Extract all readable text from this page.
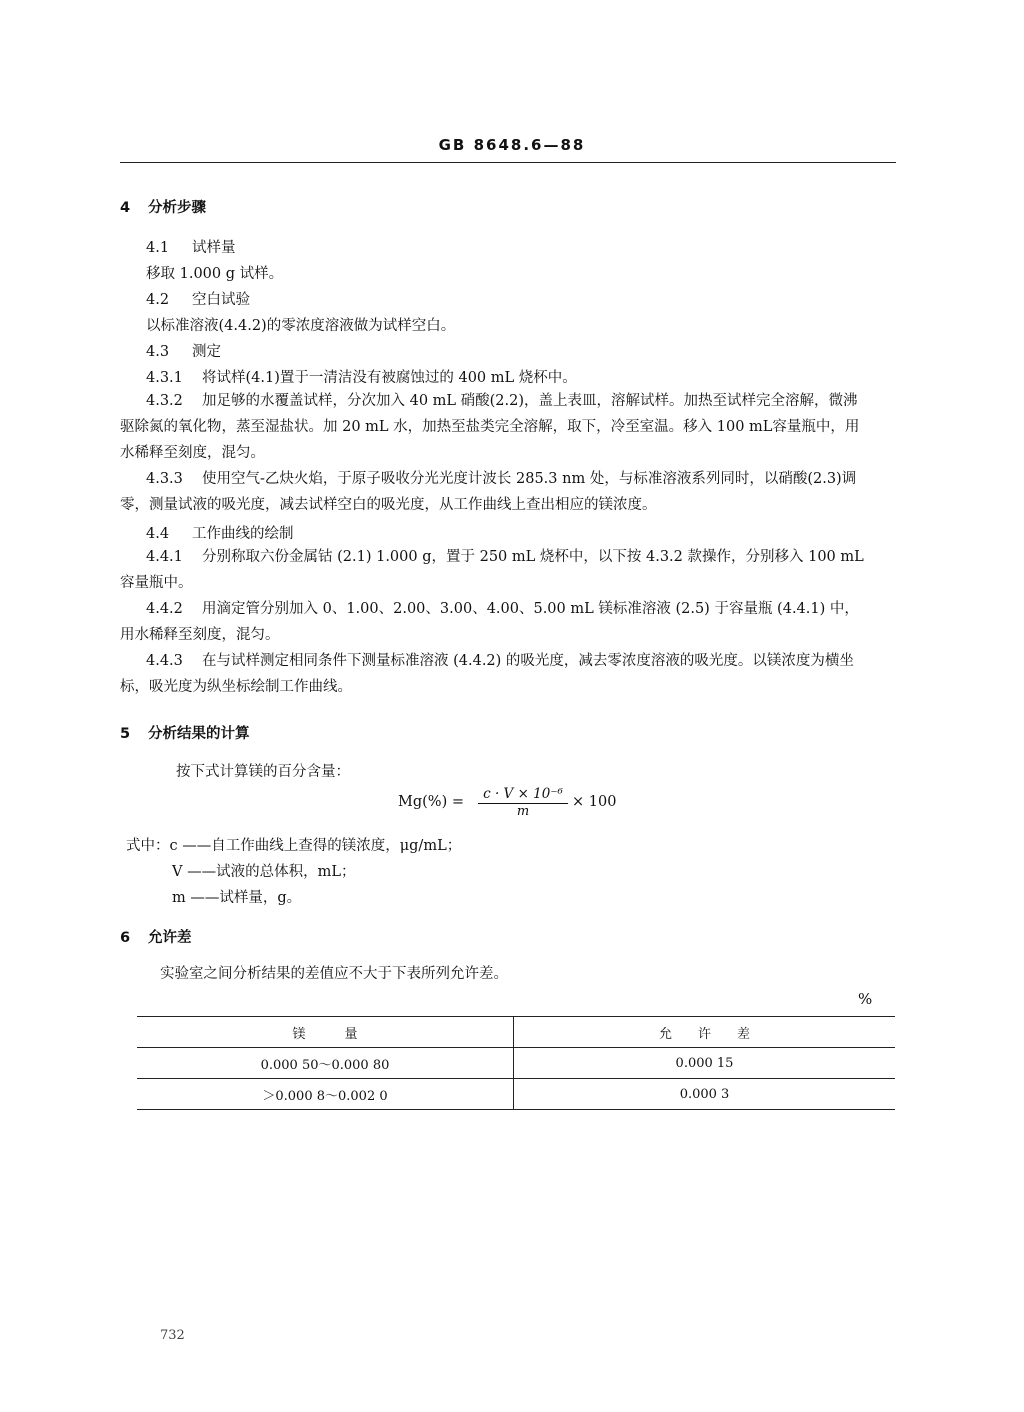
GB 8648.6—88
4 分析步骤
4.1 试样量
移取 1.000 g 试样。
4.2 空白试验
以标准溶液(4.4.2)的零浓度溶液做为试样空白。
4.3 测定
4.3.1 将试样(4.1)置于一清洁没有被腐蚀过的 400 mL 烧杯中。
4.3.2 加足够的水覆盖试样，分次加入 40 mL 硝酸(2.2)，盖上表皿，溶解试样。加热至试样完全溶解，微沸驱除氮的氧化物，蒸至湿盐状。加 20 mL 水，加热至盐类完全溶解，取下，冷至室温。移入 100 mL容量瓶中，用水稀释至刻度，混匀。
4.3.3 使用空气-乙炔火焰，于原子吸收分光光度计波长 285.3 nm 处，与标准溶液系列同时，以硝酸(2.3)调零，测量试液的吸光度，减去试样空白的吸光度，从工作曲线上查出相应的镁浓度。
4.4 工作曲线的绘制
4.4.1 分别称取六份金属钴 (2.1) 1.000 g，置于 250 mL 烧杯中，以下按 4.3.2 款操作，分别移入 100 mL 容量瓶中。
4.4.2 用滴定管分别加入 0、1.00、2.00、3.00、4.00、5.00 mL 镁标准溶液 (2.5) 于容量瓶 (4.4.1) 中，用水稀释至刻度，混匀。
4.4.3 在与试样测定相同条件下测量标准溶液 (4.4.2) 的吸光度，减去零浓度溶液的吸光度。以镁浓度为横坐标，吸光度为纵坐标绘制工作曲线。
5 分析结果的计算
按下式计算镁的百分含量：
$Mg(\%) = \frac{\text{c · V × 10⁻⁶}}{m} \times 100$
式中：c ——自工作曲线上查得的镁浓度，μg/mL；
V ——试液的总体积，mL；
m ——试样量，g。
6 允许差
实验室之间分析结果的差值应不大于下表所列允许差。
%
镁　　　量	允　　许　　差
0.000 50～0.000 80	0.000 15
＞0.000 8～0.002 0	0.000 3
732
